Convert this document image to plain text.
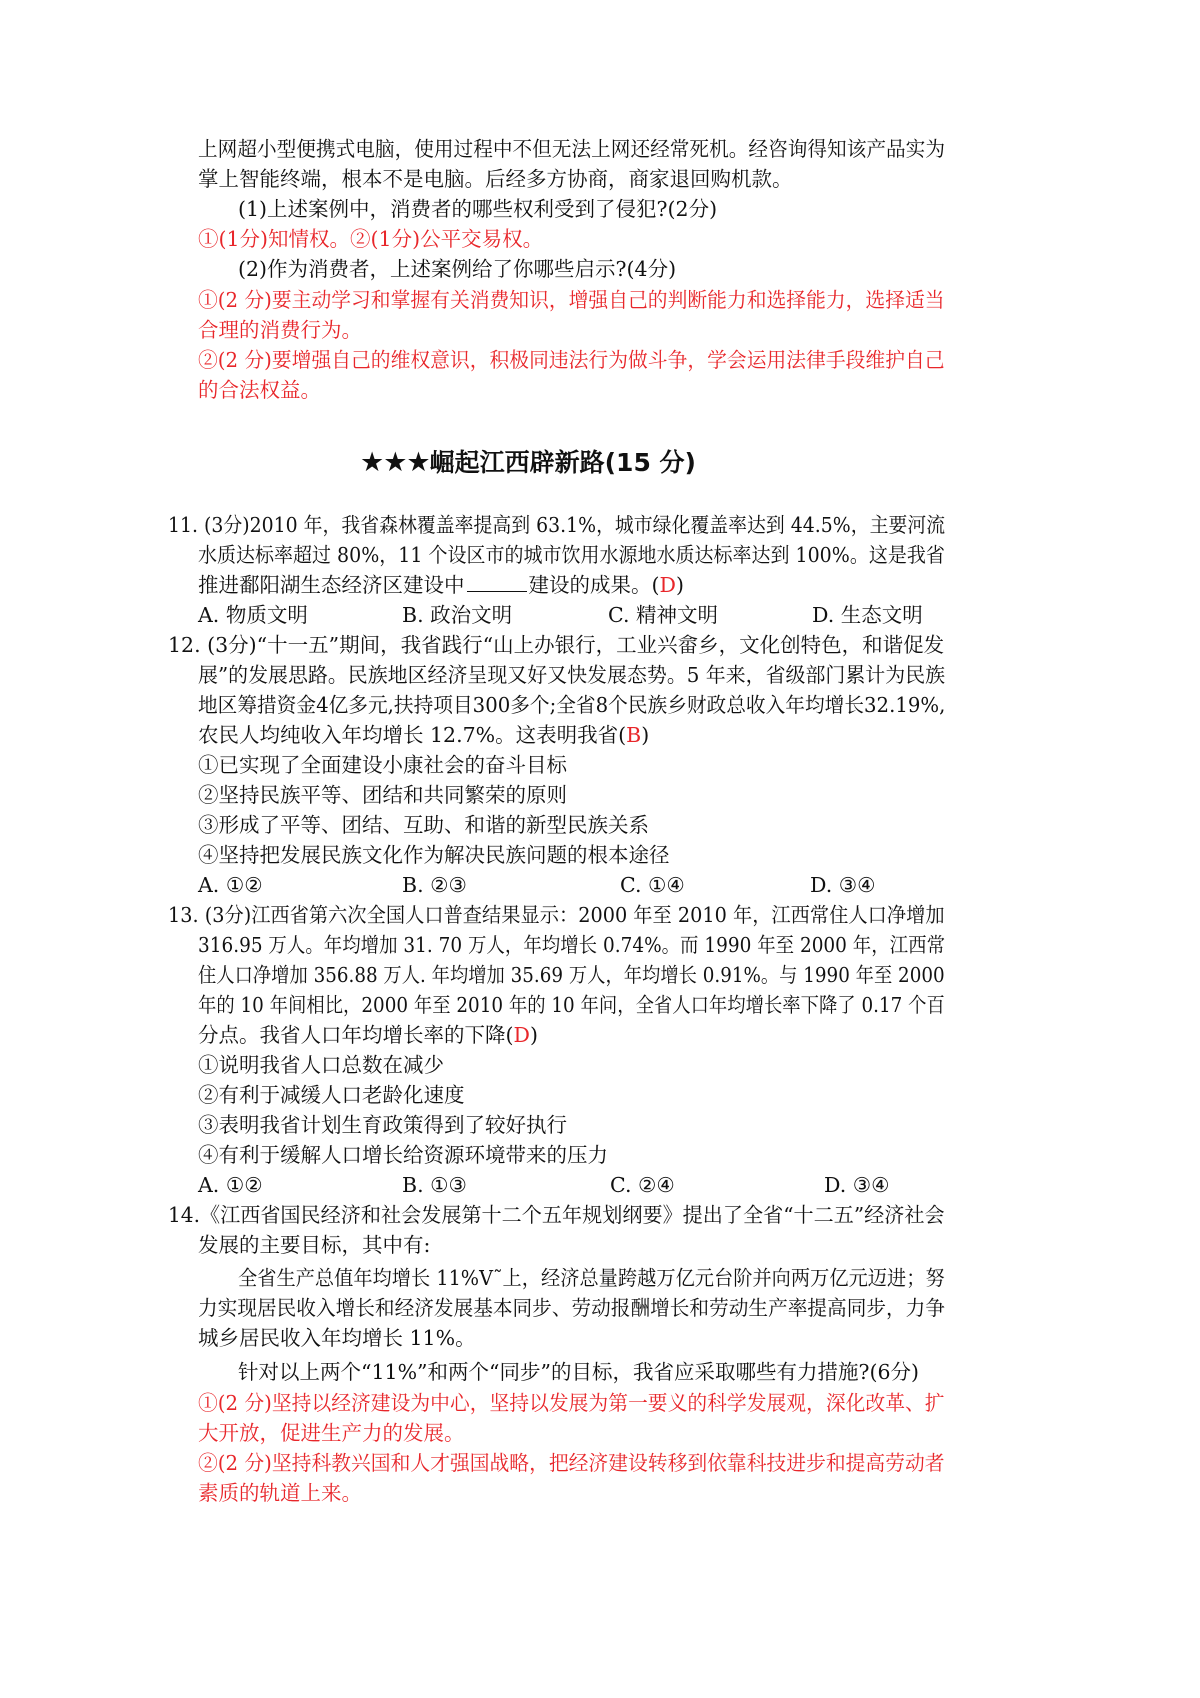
上网超小型便携式电脑，使用过程中不但无法上网还经常死机。经咨询得知该产品实为
掌上智能终端，根本不是电脑。后经多方协商，商家退回购机款。
(1)上述案例中，消费者的哪些权利受到了侵犯?(2分)
①(1分)知情权。②(1分)公平交易权。
(2)作为消费者，上述案例给了你哪些启示?(4分)
①(2 分)要主动学习和掌握有关消费知识，增强自己的判断能力和选择能力，选择适当
合理的消费行为。
②(2 分)要增强自己的维权意识，积极同违法行为做斗争，学会运用法律手段维护自己
的合法权益。
★★★崛起江西辟新路(15 分)
11. (3分)2010 年，我省森林覆盖率提高到 63.1%，城市绿化覆盖率达到 44.5%，主要河流
水质达标率超过 80%，11 个设区市的城市饮用水源地水质达标率达到 100%。这是我省
推进鄱阳湖生态经济区建设中	建设的成果。(D)
A. 物质文明	B. 政治文明	C. 精神文明	D. 生态文明
12. (3分)“十一五”期间，我省践行“山上办银行，工业兴畲乡，文化创特色，和谐促发
展”的发展思路。民族地区经济呈现又好又快发展态势。5 年来，省级部门累计为民族
地区筹措资金4亿多元,扶持项目300多个;全省8个民族乡财政总收入年均增长32.19%,
农民人均纯收入年均增长 12.7%。这表明我省(B)
①已实现了全面建设小康社会的奋斗目标
②坚持民族平等、团结和共同繁荣的原则
③形成了平等、团结、互助、和谐的新型民族关系
④坚持把发展民族文化作为解决民族问题的根本途径
A. ①②	B. ②③	C. ①④	D. ③④
13. (3分)江西省第六次全国人口普查结果显示：2000 年至 2010 年，江西常住人口净增加
316.95 万人。年均增加 31. 70 万人，年均增长 0.74%。而 1990 年至 2000 年，江西常
住人口净增加 356.88 万人. 年均增加 35.69 万人，年均增长 0.91%。与 1990 年至 2000
年的 10 年间相比，2000 年至 2010 年的 10 年问，全省人口年均增长率下降了 0.17 个百
分点。我省人口年均增长率的下降(D)
①说明我省人口总数在减少
②有利于减缓人口老龄化速度
③表明我省计划生育政策得到了较好执行
④有利于缓解人口增长给资源环境带来的压力
A. ①②	B. ①③	C. ②④	D. ③④
14.《江西省国民经济和社会发展第十二个五年规划纲要》提出了全省“十二五”经济社会
发展的主要目标，其中有:
全省生产总值年均增长 11%V˜上，经济总量跨越万亿元台阶并向两万亿元迈进；努
力实现居民收入增长和经济发展基本同步、劳动报酬增长和劳动生产率提高同步，力争
城乡居民收入年均增长 11%。
针对以上两个“11%”和两个“同步”的目标，我省应采取哪些有力措施?(6分)
①(2 分)坚持以经济建设为中心，坚持以发展为第一要义的科学发展观，深化改革、扩
大开放，促进生产力的发展。
②(2 分)坚持科教兴国和人才强国战略，把经济建设转移到依靠科技进步和提高劳动者
素质的轨道上来。
